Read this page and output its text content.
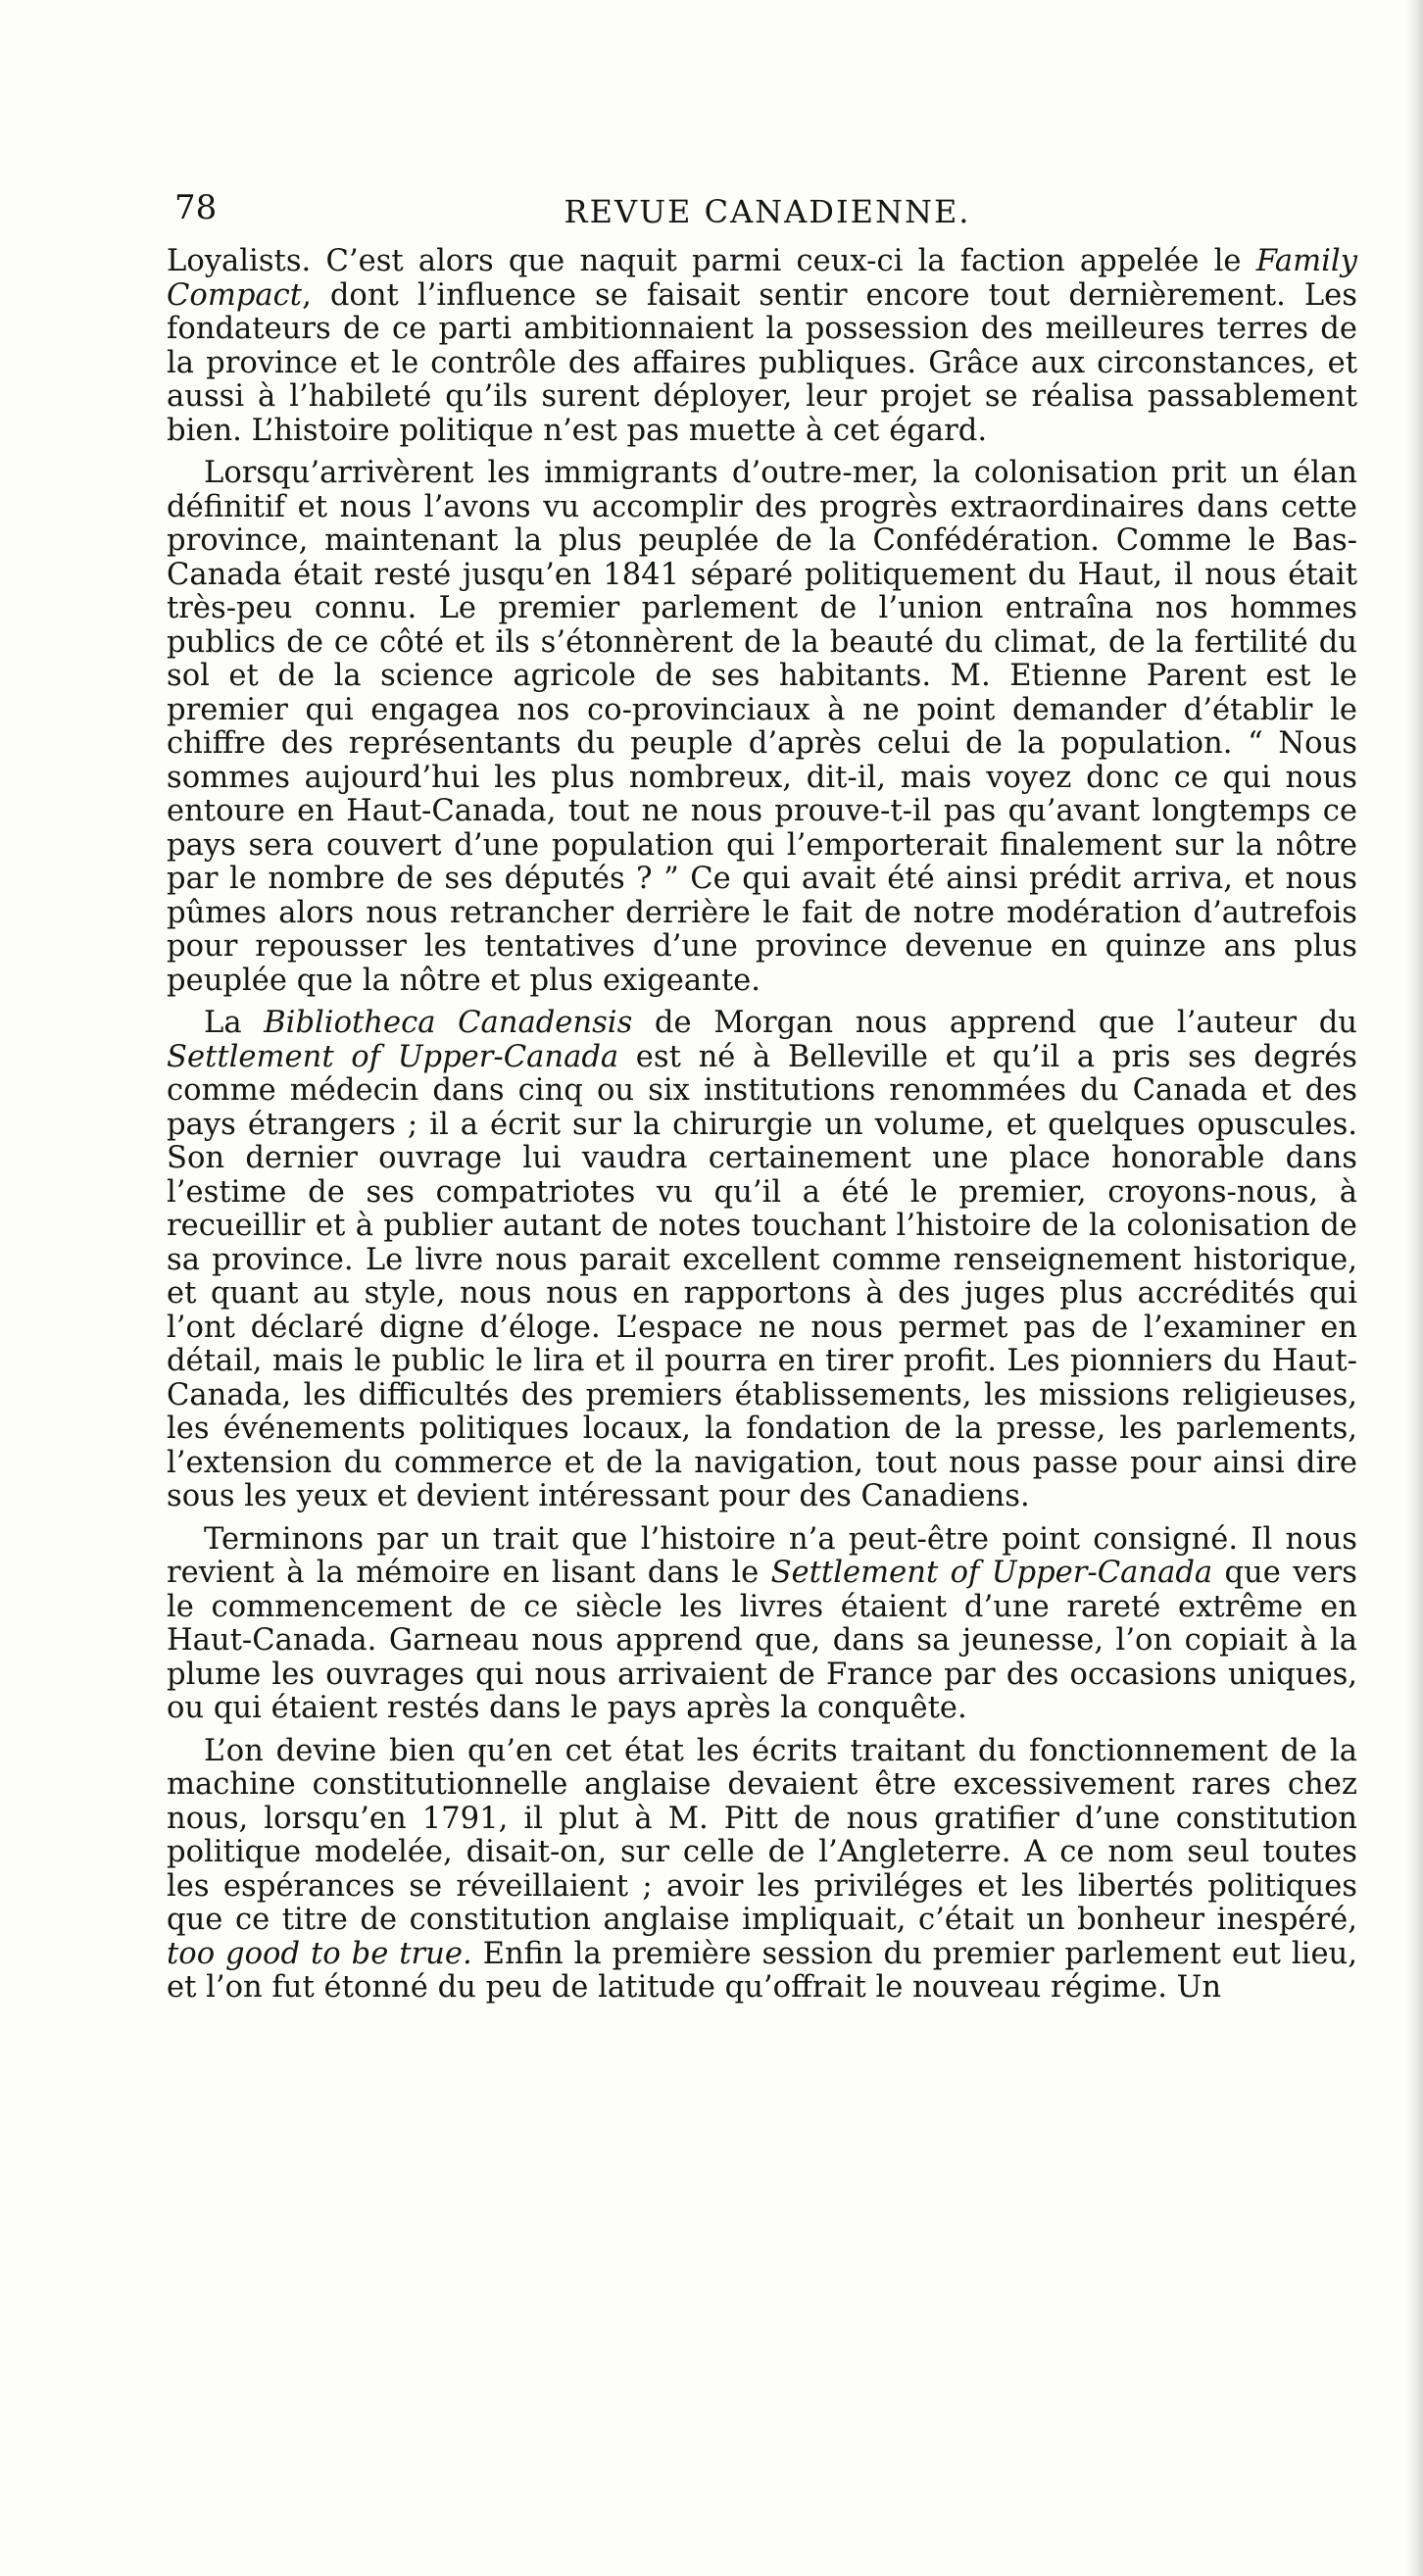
78	REVUE CANADIENNE.

Loyalists. C’est alors que naquit parmi ceux-ci la faction appelée le Family Compact, dont l’influence se faisait sentir encore tout dernièrement. Les fondateurs de ce parti ambitionnaient la possession des meilleures terres de la province et le contrôle des affaires publiques. Grâce aux circonstances, et aussi à l’habileté qu’ils surent déployer, leur projet se réalisa passablement bien. L’histoire politique n’est pas muette à cet égard.

Lorsqu’arrivèrent les immigrants d’outre-mer, la colonisation prit un élan définitif et nous l’avons vu accomplir des progrès extraordinaires dans cette province, maintenant la plus peuplée de la Confédération. Comme le Bas-Canada était resté jusqu’en 1841 séparé politiquement du Haut, il nous était très-peu connu. Le premier parlement de l’union entraîna nos hommes publics de ce côté et ils s’étonnèrent de la beauté du climat, de la fertilité du sol et de la science agricole de ses habitants. M. Etienne Parent est le premier qui engagea nos co-provinciaux à ne point demander d’établir le chiffre des représentants du peuple d’après celui de la population. “ Nous sommes aujourd’hui les plus nombreux, dit-il, mais voyez donc ce qui nous entoure en Haut-Canada, tout ne nous prouve-t-il pas qu’avant longtemps ce pays sera couvert d’une population qui l’emporterait finalement sur la nôtre par le nombre de ses députés ? ” Ce qui avait été ainsi prédit arriva, et nous pûmes alors nous retrancher derrière le fait de notre modération d’autrefois pour repousser les tentatives d’une province devenue en quinze ans plus peuplée que la nôtre et plus exigeante.

La Bibliotheca Canadensis de Morgan nous apprend que l’auteur du Settlement of Upper-Canada est né à Belleville et qu’il a pris ses degrés comme médecin dans cinq ou six institutions renommées du Canada et des pays étrangers ; il a écrit sur la chirurgie un volume, et quelques opuscules. Son dernier ouvrage lui vaudra certainement une place honorable dans l’estime de ses compatriotes vu qu’il a été le premier, croyons-nous, à recueillir et à publier autant de notes touchant l’histoire de la colonisation de sa province. Le livre nous parait excellent comme renseignement historique, et quant au style, nous nous en rapportons à des juges plus accrédités qui l’ont déclaré digne d’éloge. L’espace ne nous permet pas de l’examiner en détail, mais le public le lira et il pourra en tirer profit. Les pionniers du Haut-Canada, les difficultés des premiers établissements, les missions religieuses, les événements politiques locaux, la fondation de la presse, les parlements, l’extension du commerce et de la navigation, tout nous passe pour ainsi dire sous les yeux et devient intéressant pour des Canadiens.

Terminons par un trait que l’histoire n’a peut-être point consigné. Il nous revient à la mémoire en lisant dans le Settlement of Upper-Canada que vers le commencement de ce siècle les livres étaient d’une rareté extrême en Haut-Canada. Garneau nous apprend que, dans sa jeunesse, l’on copiait à la plume les ouvrages qui nous arrivaient de France par des occasions uniques, ou qui étaient restés dans le pays après la conquête.

L’on devine bien qu’en cet état les écrits traitant du fonctionnement de la machine constitutionnelle anglaise devaient être excessivement rares chez nous, lorsqu’en 1791, il plut à M. Pitt de nous gratifier d’une constitution politique modelée, disait-on, sur celle de l’Angleterre. A ce nom seul toutes les espérances se réveillaient ; avoir les priviléges et les libertés politiques que ce titre de constitution anglaise impliquait, c’était un bonheur inespéré, too good to be true. Enfin la première session du premier parlement eut lieu, et l’on fut étonné du peu de latitude qu’offrait le nouveau régime. Un
